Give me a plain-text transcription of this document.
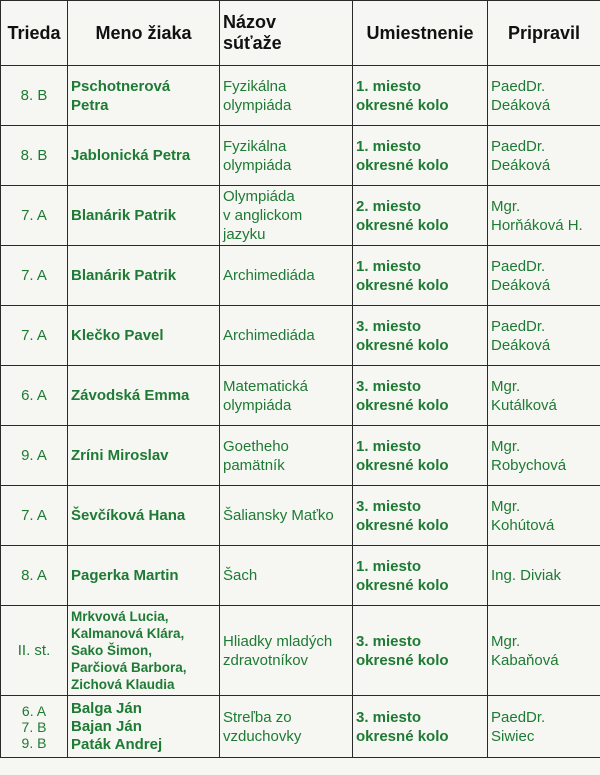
Trieda	Meno žiaka	Názov
súťaže	Umiestnenie	Pripravil

8. B	Pschotnerová
Petra	Fyzikálna
olympiáda	1. miesto
okresné kolo	PaedDr.
Deáková

8. B	Jablonická Petra	Fyzikálna
olympiáda	1. miesto
okresné kolo	PaedDr.
Deáková

7. A	Blanárik Patrik	Olympiáda
v anglickom
jazyku	2. miesto
okresné kolo	Mgr.
Horňáková H.

7. A	Blanárik Patrik	Archimediáda	1. miesto
okresné kolo	PaedDr.
Deáková

7. A	Klečko Pavel	Archimediáda	3. miesto
okresné kolo	PaedDr.
Deáková

6. A	Závodská Emma	Matematická
olympiáda	3. miesto
okresné kolo	Mgr.
Kutálková

9. A	Zríni Miroslav	Goetheho
pamätník	1. miesto
okresné kolo	Mgr.
Robychová

7. A	Ševčíková Hana	Šaliansky Maťko	3. miesto
okresné kolo	Mgr.
Kohútová

8. A	Pagerka Martin	Šach	1. miesto
okresné kolo	Ing. Diviak

II. st.	Mrkvová Lucia,
Kalmanová Klára,
Sako Šimon,
Parčiová Barbora,
Zichová Klaudia	Hliadky mladých
zdravotníkov	3. miesto
okresné kolo	Mgr.
Kabaňová

6. A
7. B
9. B	Balga Ján
Bajan Ján
Paták Andrej	Streľba zo
vzduchovky	3. miesto
okresné kolo	PaedDr.
Siwiec
